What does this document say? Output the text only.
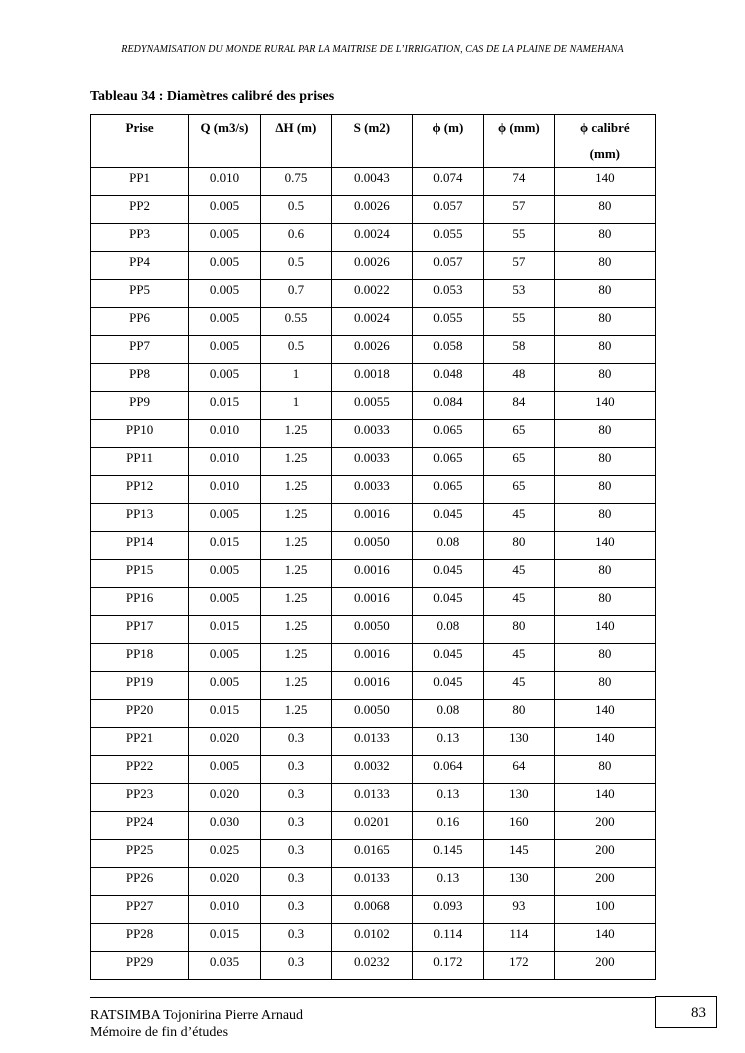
REDYNAMISATION DU MONDE RURAL PAR LA MAITRISE DE L’IRRIGATION, CAS DE LA PLAINE DE NAMEHANA
Tableau 34 : Diamètres calibré des prises
Prise	Q (m3/s)	∆H (m)	S (m2)	ϕ (m)	ϕ (mm)	ϕ calibré
(mm)
PP1	0.010	0.75	0.0043	0.074	74	140
PP2	0.005	0.5	0.0026	0.057	57	80
PP3	0.005	0.6	0.0024	0.055	55	80
PP4	0.005	0.5	0.0026	0.057	57	80
PP5	0.005	0.7	0.0022	0.053	53	80
PP6	0.005	0.55	0.0024	0.055	55	80
PP7	0.005	0.5	0.0026	0.058	58	80
PP8	0.005	1	0.0018	0.048	48	80
PP9	0.015	1	0.0055	0.084	84	140
PP10	0.010	1.25	0.0033	0.065	65	80
PP11	0.010	1.25	0.0033	0.065	65	80
PP12	0.010	1.25	0.0033	0.065	65	80
PP13	0.005	1.25	0.0016	0.045	45	80
PP14	0.015	1.25	0.0050	0.08	80	140
PP15	0.005	1.25	0.0016	0.045	45	80
PP16	0.005	1.25	0.0016	0.045	45	80
PP17	0.015	1.25	0.0050	0.08	80	140
PP18	0.005	1.25	0.0016	0.045	45	80
PP19	0.005	1.25	0.0016	0.045	45	80
PP20	0.015	1.25	0.0050	0.08	80	140
PP21	0.020	0.3	0.0133	0.13	130	140
PP22	0.005	0.3	0.0032	0.064	64	80
PP23	0.020	0.3	0.0133	0.13	130	140
PP24	0.030	0.3	0.0201	0.16	160	200
PP25	0.025	0.3	0.0165	0.145	145	200
PP26	0.020	0.3	0.0133	0.13	130	200
PP27	0.010	0.3	0.0068	0.093	93	100
PP28	0.015	0.3	0.0102	0.114	114	140
PP29	0.035	0.3	0.0232	0.172	172	200
RATSIMBA Tojonirina Pierre Arnaud
Mémoire de fin d’études
83
